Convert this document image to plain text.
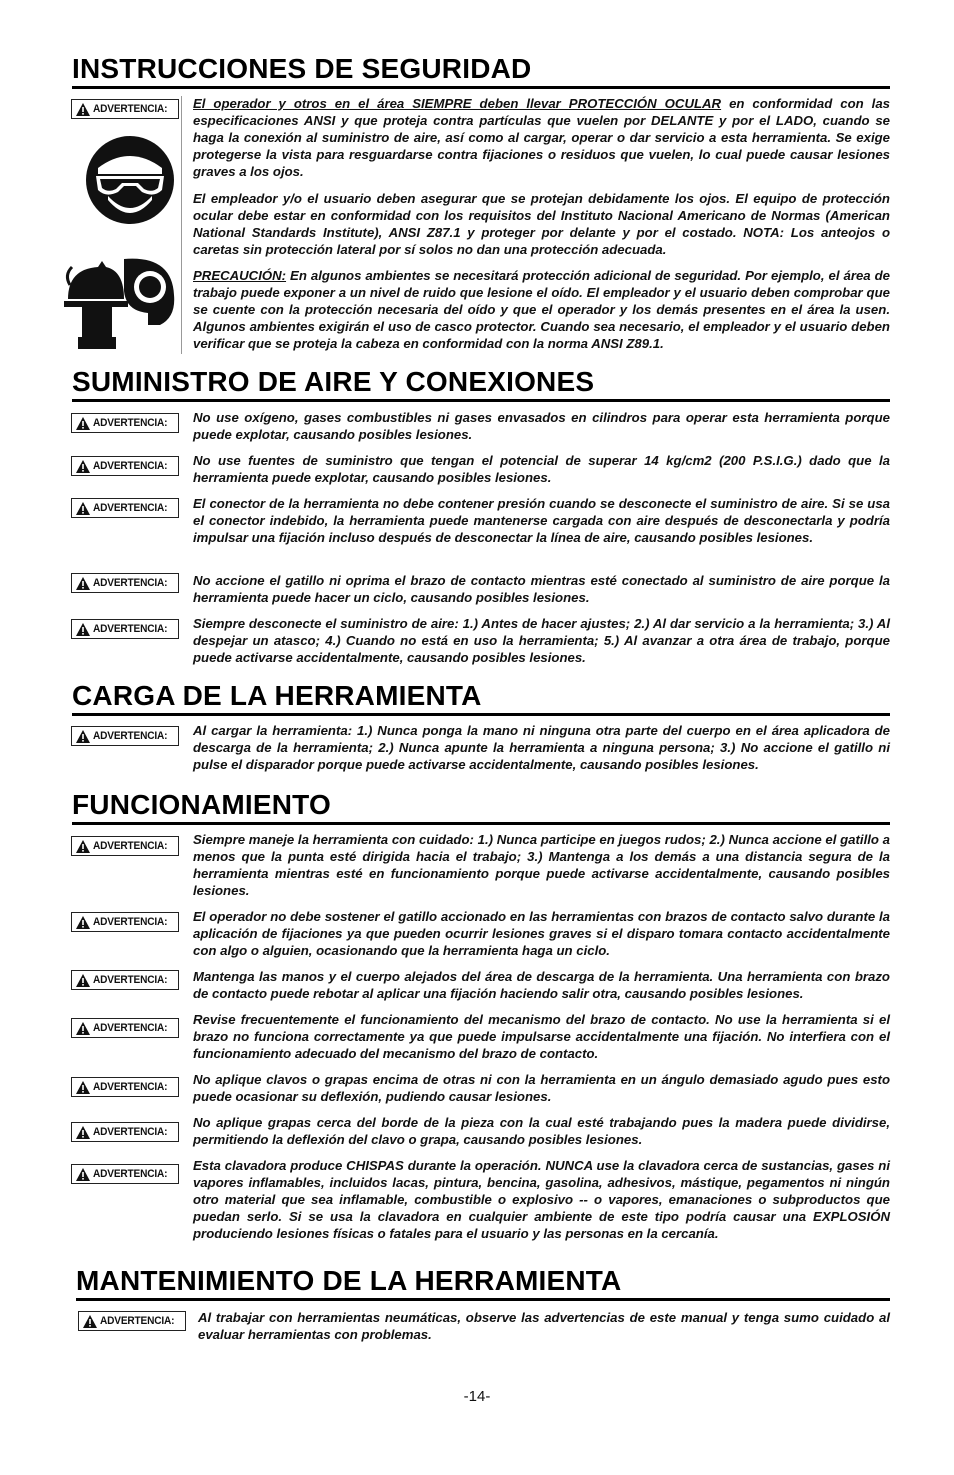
INSTRUCCIONES DE SEGURIDAD
ADVERTENCIA: El operador y otros en el área SIEMPRE deben llevar PROTECCIÓN OCULAR en conformidad con las especificaciones ANSI y que proteja contra partículas que vuelen por DELANTE y por el LADO, cuando se haga la conexión al suministro de aire, así como al cargar, operar o dar servicio a esta herramienta. Se exige protegerse la vista para resguardarse contra fijaciones o residuos que vuelen, lo cual puede causar lesiones graves a los ojos.
El empleador y/o el usuario deben asegurar que se protejan debidamente los ojos. El equipo de protección ocular debe estar en conformidad con los requisitos del Instituto Nacional Americano de Normas (American National Standards Institute), ANSI Z87.1 y proteger por delante y por el costado. NOTA: Los anteojos o caretas sin protección lateral por sí solos no dan una protección adecuada.
PRECAUCIÓN: En algunos ambientes se necesitará protección adicional de seguridad. Por ejemplo, el área de trabajo puede exponer a un nivel de ruido que lesione el oído. El empleador y el usuario deben comprobar que se cuente con la protección necesaria del oído y que el operador y los demás presentes en el área la usen. Algunos ambientes exigirán el uso de casco protector. Cuando sea necesario, el empleador y el usuario deben verificar que se proteja la cabeza en conformidad con la norma ANSI Z89.1.
SUMINISTRO DE AIRE Y CONEXIONES
ADVERTENCIA: No use oxígeno, gases combustibles ni gases envasados en cilindros para operar esta herramienta porque puede explotar, causando posibles lesiones.
ADVERTENCIA: No use fuentes de suministro que tengan el potencial de superar 14 kg/cm2 (200 P.S.I.G.) dado que la herramienta puede explotar, causando posibles lesiones.
ADVERTENCIA: El conector de la herramienta no debe contener presión cuando se desconecte el suministro de aire. Si se usa el conector indebido, la herramienta puede mantenerse cargada con aire después de desconectarla y podría impulsar una fijación incluso después de desconectar la línea de aire, causando posibles lesiones.
ADVERTENCIA: No accione el gatillo ni oprima el brazo de contacto mientras esté conectado al suministro de aire porque la herramienta puede hacer un ciclo, causando posibles lesiones.
ADVERTENCIA: Siempre desconecte el suministro de aire: 1.) Antes de hacer ajustes; 2.) Al dar servicio a la herramienta; 3.) Al despejar un atasco; 4.) Cuando no está en uso la herramienta; 5.) Al avanzar a otra área de trabajo, porque puede activarse accidentalmente, causando posibles lesiones.
CARGA DE LA HERRAMIENTA
ADVERTENCIA: Al cargar la herramienta: 1.) Nunca ponga la mano ni ninguna otra parte del cuerpo en el área aplicadora de descarga de la herramienta; 2.) Nunca apunte la herramienta a ninguna persona; 3.) No accione el gatillo ni pulse el disparador porque puede activarse accidentalmente, causando posibles lesiones.
FUNCIONAMIENTO
ADVERTENCIA: Siempre maneje la herramienta con cuidado: 1.) Nunca participe en juegos rudos; 2.) Nunca accione el gatillo a menos que la punta esté dirigida hacia el trabajo; 3.) Mantenga a los demás a una distancia segura de la herramienta mientras esté en funcionamiento porque puede activarse accidentalmente, causando posibles lesiones.
ADVERTENCIA: El operador no debe sostener el gatillo accionado en las herramientas con brazos de contacto salvo durante la aplicación de fijaciones ya que pueden ocurrir lesiones graves si el disparo tomara contacto accidentalmente con algo o alguien, ocasionando que la herramienta haga un ciclo.
ADVERTENCIA: Mantenga las manos y el cuerpo alejados del área de descarga de la herramienta. Una herramienta con brazo de contacto puede rebotar al aplicar una fijación haciendo salir otra, causando posibles lesiones.
ADVERTENCIA:
Revise frecuentemente el funcionamiento del mecanismo del brazo de contacto. No use la herramienta si el brazo no funciona correctamente ya que puede impulsarse accidentalmente una fijación. No interfiera con el funcionamiento adecuado del mecanismo del brazo de contacto.
ADVERTENCIA: No aplique clavos o grapas encima de otras ni con la herramienta en un ángulo demasiado agudo pues esto puede ocasionar su deflexión, pudiendo causar lesiones.
ADVERTENCIA:
No aplique grapas cerca del borde de la pieza con la cual esté trabajando pues la madera puede dividirse, permitiendo la deflexión del clavo o grapa, causando posibles lesiones.
ADVERTENCIA:
Esta clavadora produce CHISPAS durante la operación. NUNCA use la clavadora cerca de sustancias, gases ni vapores inflamables, incluidos lacas, pintura, bencina, gasolina, adhesivos, mástique, pegamentos ni ningún otro material que sea inflamable, combustible o explosivo -- o vapores, emanaciones o subproductos que puedan serlo. Si se usa la clavadora en cualquier ambiente de este tipo podría causar una EXPLOSIÓN produciendo lesiones físicas o fatales para el usuario y las personas en la cercanía.
MANTENIMIENTO DE LA HERRAMIENTA
ADVERTENCIA: Al trabajar con herramientas neumáticas, observe las advertencias de este manual y tenga sumo cuidado al evaluar herramientas con problemas.
-14-
